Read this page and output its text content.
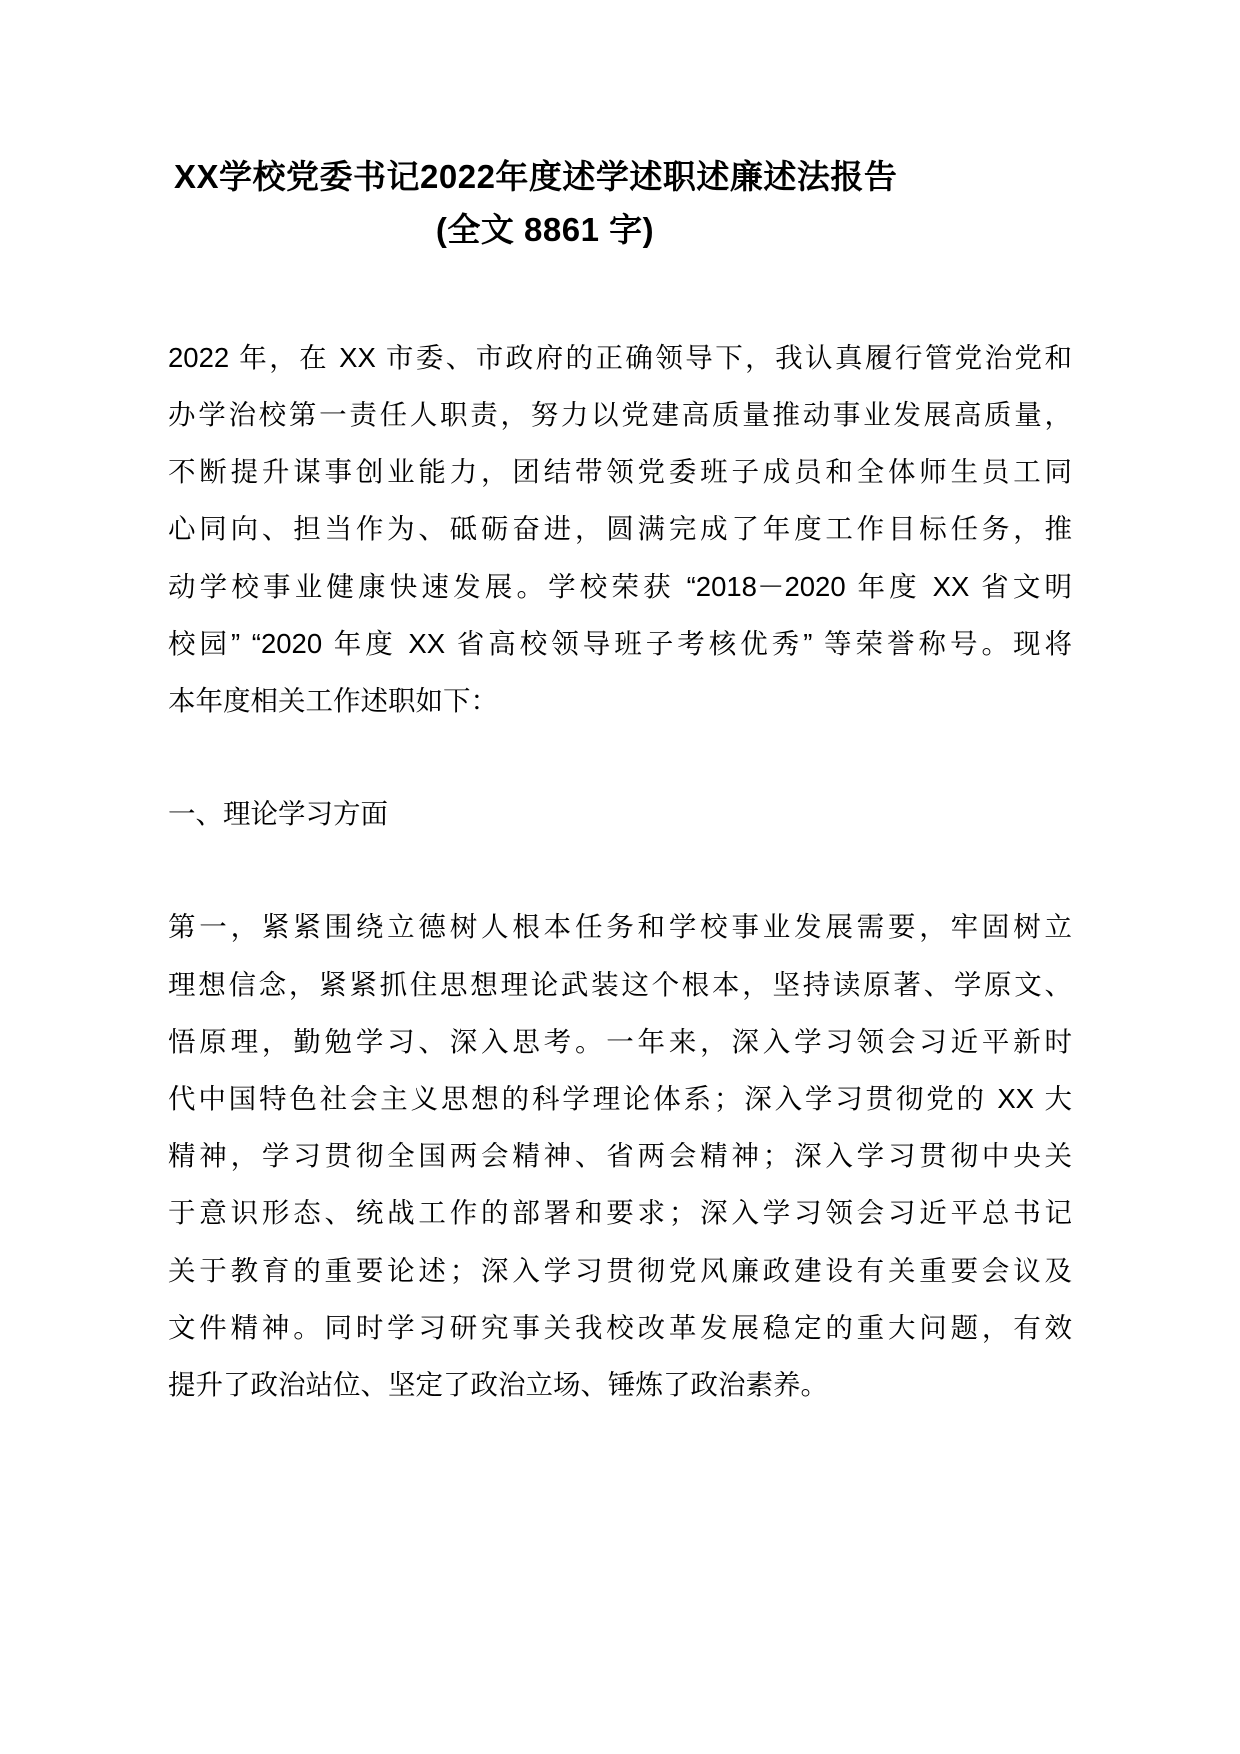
XX学校党委书记2022年度述学述职述廉述法报告
(全文 8861 字)
2022 年，在 XX 市委、市政府的正确领导下，我认真履行管党治党和
办学治校第一责任人职责，努力以党建高质量推动事业发展高质量，
不断提升谋事创业能力，团结带领党委班子成员和全体师生员工同
心同向、担当作为、砥砺奋进，圆满完成了年度工作目标任务，推
动学校事业健康快速发展。学校荣获 “2018－2020 年度 XX 省文明
校园” “2020 年度 XX 省高校领导班子考核优秀” 等荣誉称号。现将
本年度相关工作述职如下：

一、理论学习方面

第一，紧紧围绕立德树人根本任务和学校事业发展需要，牢固树立
理想信念，紧紧抓住思想理论武装这个根本，坚持读原著、学原文、
悟原理，勤勉学习、深入思考。一年来，深入学习领会习近平新时
代中国特色社会主义思想的科学理论体系；深入学习贯彻党的 XX 大
精神，学习贯彻全国两会精神、省两会精神；深入学习贯彻中央关
于意识形态、统战工作的部署和要求；深入学习领会习近平总书记
关于教育的重要论述；深入学习贯彻党风廉政建设有关重要会议及
文件精神。同时学习研究事关我校改革发展稳定的重大问题，有效
提升了政治站位、坚定了政治立场、锤炼了政治素养。
